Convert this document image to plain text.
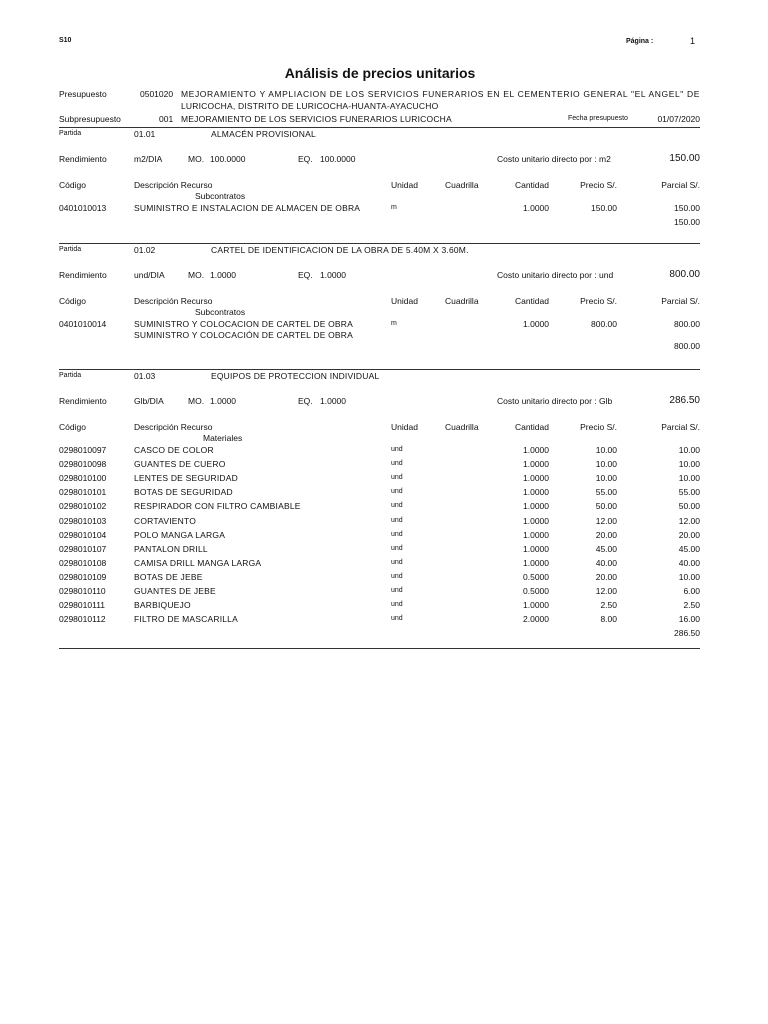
S10	Página :	1
Análisis de precios unitarios
Presupuesto	0501020 MEJORAMIENTO Y AMPLIACION DE LOS SERVICIOS FUNERARIOS EN EL CEMENTERIO GENERAL "EL ANGEL" DE
LURICOCHA, DISTRITO DE LURICOCHA-HUANTA-AYACUCHO
Subpresupuesto	001 MEJORAMIENTO DE LOS SERVICIOS FUNERARIOS LURICOCHA	Fecha presupuesto	01/07/2020
Partida	01.01	ALMACÉN PROVISIONAL
Rendimiento	m2/DIA	MO. 100.0000	EQ. 100.0000	Costo unitario directo por : m2	150.00
Código	Descripción Recurso	Unidad	Cuadrilla	Cantidad	Precio S/.	Parcial S/.
Subcontratos
0401010013	SUMINISTRO E INSTALACION DE ALMACEN DE OBRA	m	1.0000	150.00	150.00
150.00
Partida	01.02	CARTEL DE IDENTIFICACION DE LA OBRA DE 5.40M X 3.60M.
Rendimiento	und/DIA	MO. 1.0000	EQ. 1.0000	Costo unitario directo por : und	800.00
Código	Descripción Recurso	Unidad	Cuadrilla	Cantidad	Precio S/.	Parcial S/.
Subcontratos
0401010014	SUMINISTRO Y COLOCACION DE CARTEL DE OBRA	m	1.0000	800.00	800.00
SUMINISTRO Y COLOCACIÓN DE CARTEL DE OBRA
800.00
Partida	01.03	EQUIPOS DE PROTECCION INDIVIDUAL
Rendimiento	Glb/DIA	MO. 1.0000	EQ. 1.0000	Costo unitario directo por : Glb	286.50
Código	Descripción Recurso	Unidad	Cuadrilla	Cantidad	Precio S/.	Parcial S/.
Materiales
0298010097	CASCO DE COLOR	und	1.0000	10.00	10.00
0298010098	GUANTES DE CUERO	und	1.0000	10.00	10.00
0298010100	LENTES DE SEGURIDAD	und	1.0000	10.00	10.00
0298010101	BOTAS DE SEGURIDAD	und	1.0000	55.00	55.00
0298010102	RESPIRADOR CON FILTRO CAMBIABLE	und	1.0000	50.00	50.00
0298010103	CORTAVIENTO	und	1.0000	12.00	12.00
0298010104	POLO MANGA LARGA	und	1.0000	20.00	20.00
0298010107	PANTALON DRILL	und	1.0000	45.00	45.00
0298010108	CAMISA DRILL MANGA LARGA	und	1.0000	40.00	40.00
0298010109	BOTAS DE JEBE	und	0.5000	20.00	10.00
0298010110	GUANTES DE JEBE	und	0.5000	12.00	6.00
0298010111	BARBIQUEJO	und	1.0000	2.50	2.50
0298010112	FILTRO DE MASCARILLA	und	2.0000	8.00	16.00
286.50
